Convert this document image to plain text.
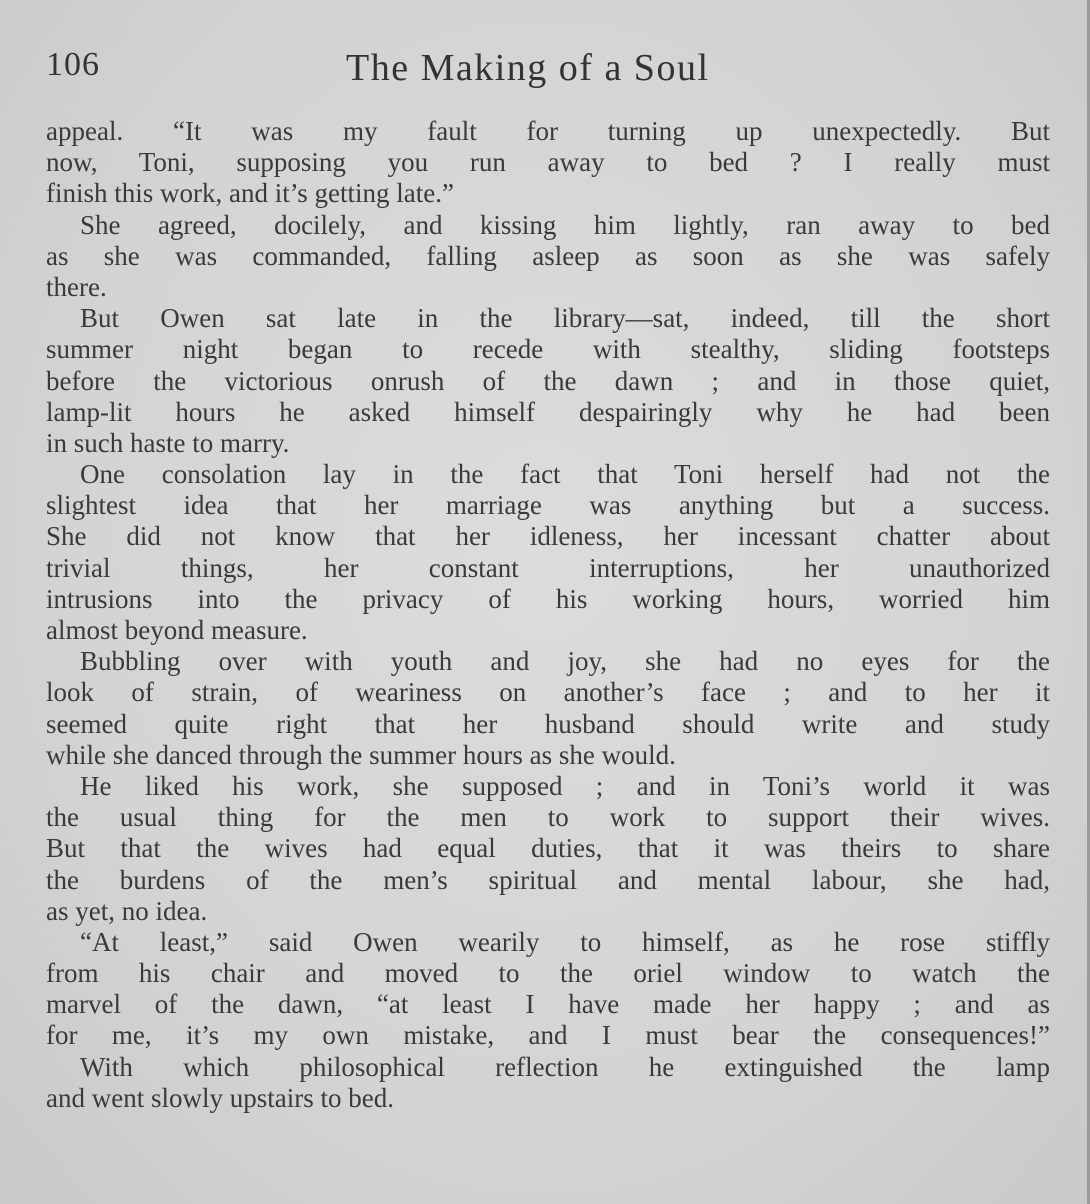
106	The Making of a Soul
appeal. “It was my fault for turning up unexpectedly. But
now, Toni, supposing you run away to bed ? I really must
finish this work, and it’s getting late.”
She agreed, docilely, and kissing him lightly, ran away to bed
as she was commanded, falling asleep as soon as she was safely
there.
But Owen sat late in the library—sat, indeed, till the short
summer night began to recede with stealthy, sliding footsteps
before the victorious onrush of the dawn ; and in those quiet,
lamp-lit hours he asked himself despairingly why he had been
in such haste to marry.
One consolation lay in the fact that Toni herself had not the
slightest idea that her marriage was anything but a success.
She did not know that her idleness, her incessant chatter about
trivial things, her constant interruptions, her unauthorized
intrusions into the privacy of his working hours, worried him
almost beyond measure.
Bubbling over with youth and joy, she had no eyes for the
look of strain, of weariness on another’s face ; and to her it
seemed quite right that her husband should write and study
while she danced through the summer hours as she would.
He liked his work, she supposed ; and in Toni’s world it was
the usual thing for the men to work to support their wives.
But that the wives had equal duties, that it was theirs to share
the burdens of the men’s spiritual and mental labour, she had,
as yet, no idea.
“At least,” said Owen wearily to himself, as he rose stiffly
from his chair and moved to the oriel window to watch the
marvel of the dawn, “at least I have made her happy ; and as
for me, it’s my own mistake, and I must bear the consequences!”
With which philosophical reflection he extinguished the lamp
and went slowly upstairs to bed.
